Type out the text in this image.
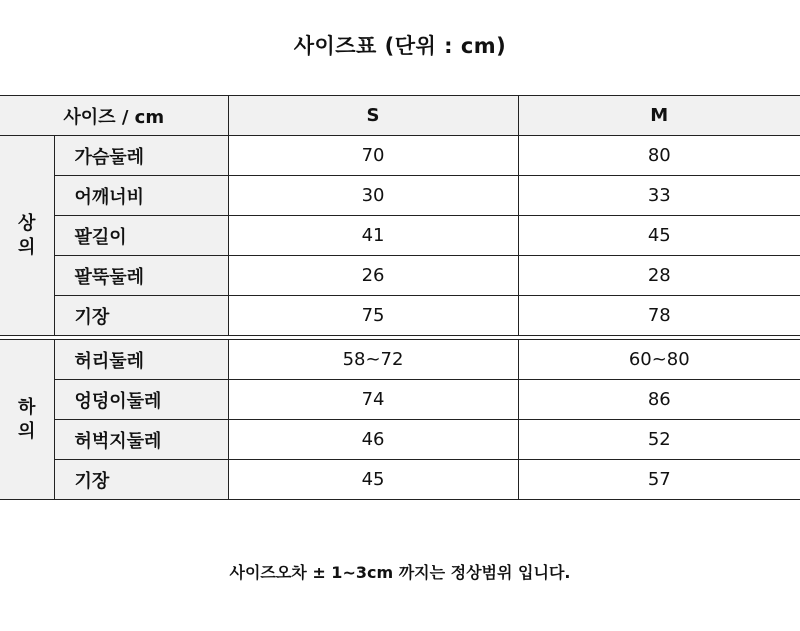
사이즈표 (단위 : cm)
사이즈 / cm		S	M

상
의	가슴둘레	70	80
	어깨너비	30	33
	팔길이	41	45
	팔뚝둘레	26	28
	기장	75	78

하
의	허리둘레	58~72	60~80
	엉덩이둘레	74	86
	허벅지둘레	46	52
	기장	45	57
사이즈오차 ± 1~3cm 까지는 정상범위 입니다.
